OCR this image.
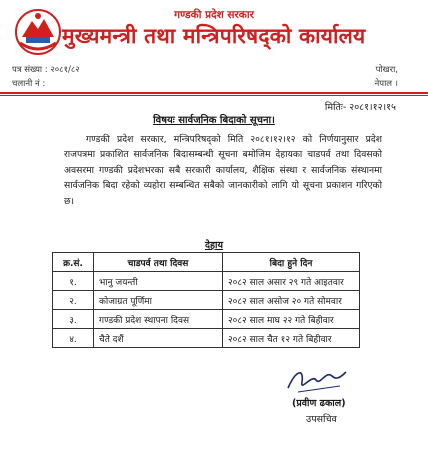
गण्डकी प्रदेश सरकार
मुख्यमन्त्री तथा मन्त्रिपरिषद्‌को कार्यालय
पत्र संख्या : २०८१/८२
चलानी नं :
पोखरा,
नेपाल ।
मितिः- २०८१।१२।१५
विषयः सार्वजनिक बिदाको सूचना।
गण्डकी प्रदेश सरकार, मन्त्रिपरिषद्‌को मिति २०८१।१२।१२ को निर्णयानुसार प्रदेश राजपत्रमा प्रकाशित सार्वजनिक बिदासम्बन्धी सूचना बमोजिम देहायका चाडपर्व तथा दिवसको अवसरमा गण्डकी प्रदेशभरका सबै सरकारी कार्यालय, शैक्षिक संस्था र सार्वजनिक संस्थानमा सार्वजनिक बिदा रहेको व्यहोरा सम्बन्धित सबैको जानकारीको लागि यो सूचना प्रकाशन गरिएको छ।
देहाय
क्र.सं.	चाडपर्व तथा दिवस	बिदा हुने दिन
१.	भानु जयन्ती	२०८२ साल असार २९ गते आइतवार
२.	कोजाग्रत पूर्णिमा	२०८२ साल असोज २० गते सोमवार
३.	गण्डकी प्रदेश स्थापना दिवस	२०८२ साल माघ २२ गते बिहीवार
४.	चैते दशैं	२०८२ साल चैत १२ गते बिहीवार
(प्रवीण ढकाल)
उपसचिव
